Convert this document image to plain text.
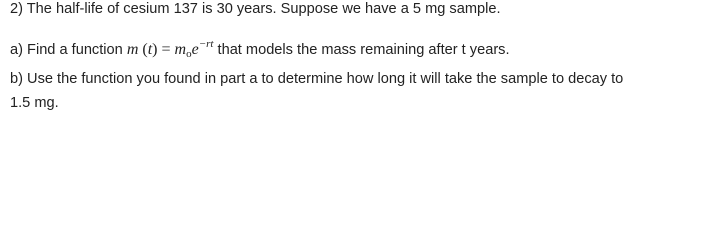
2) The half-life of cesium 137 is 30 years. Suppose we have a 5 mg sample.
a) Find a function m $(t) = m_oe^{-rt}$ that models the mass remaining after t years.
b) Use the function you found in part a to determine how long it will take the sample to decay to
1.5 mg.
